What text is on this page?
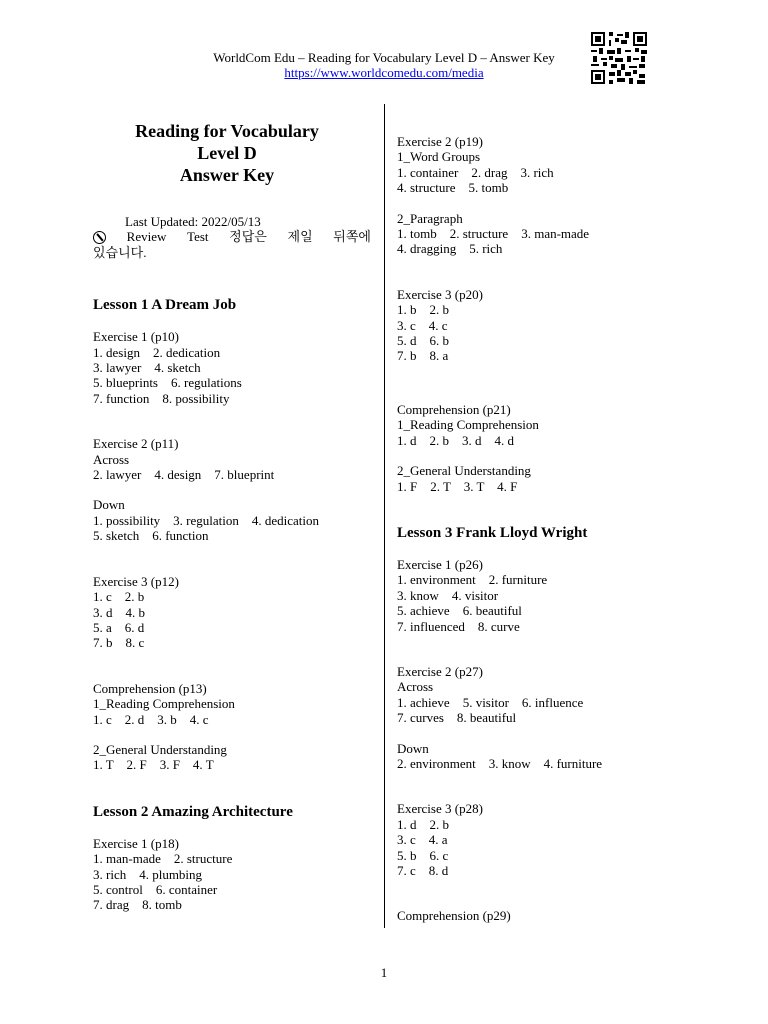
WorldCom Edu – Reading for Vocabulary Level D – Answer Key
https://www.worldcomedu.com/media
Reading for Vocabulary
Level D
Answer Key
Last Updated: 2022/05/13
Review Test 정답은 제일 뒤쪽에
있습니다.
Lesson 1 A Dream Job
Exercise 1 (p10)
1. design    2. dedication
3. lawyer    4. sketch
5. blueprints    6. regulations
7. function    8. possibility
Exercise 2 (p11)
Across
2. lawyer    4. design    7. blueprint
Down
1. possibility    3. regulation    4. dedication
5. sketch    6. function
Exercise 3 (p12)
1. c    2. b
3. d    4. b
5. a    6. d
7. b    8. c
Comprehension (p13)
1_Reading Comprehension
1. c    2. d    3. b    4. c
2_General Understanding
1. T    2. F    3. F    4. T
Lesson 2 Amazing Architecture
Exercise 1 (p18)
1. man-made    2. structure
3. rich    4. plumbing
5. control    6. container
7. drag    8. tomb
Exercise 2 (p19)
1_Word Groups
1. container    2. drag    3. rich
4. structure    5. tomb
2_Paragraph
1. tomb    2. structure    3. man-made
4. dragging    5. rich
Exercise 3 (p20)
1. b    2. b
3. c    4. c
5. d    6. b
7. b    8. a
Comprehension (p21)
1_Reading Comprehension
1. d    2. b    3. d    4. d
2_General Understanding
1. F    2. T    3. T    4. F
Lesson 3 Frank Lloyd Wright
Exercise 1 (p26)
1. environment    2. furniture
3. know    4. visitor
5. achieve    6. beautiful
7. influenced    8. curve
Exercise 2 (p27)
Across
1. achieve    5. visitor    6. influence
7. curves    8. beautiful
Down
2. environment    3. know    4. furniture
Exercise 3 (p28)
1. d    2. b
3. c    4. a
5. b    6. c
7. c    8. d
Comprehension (p29)
1
